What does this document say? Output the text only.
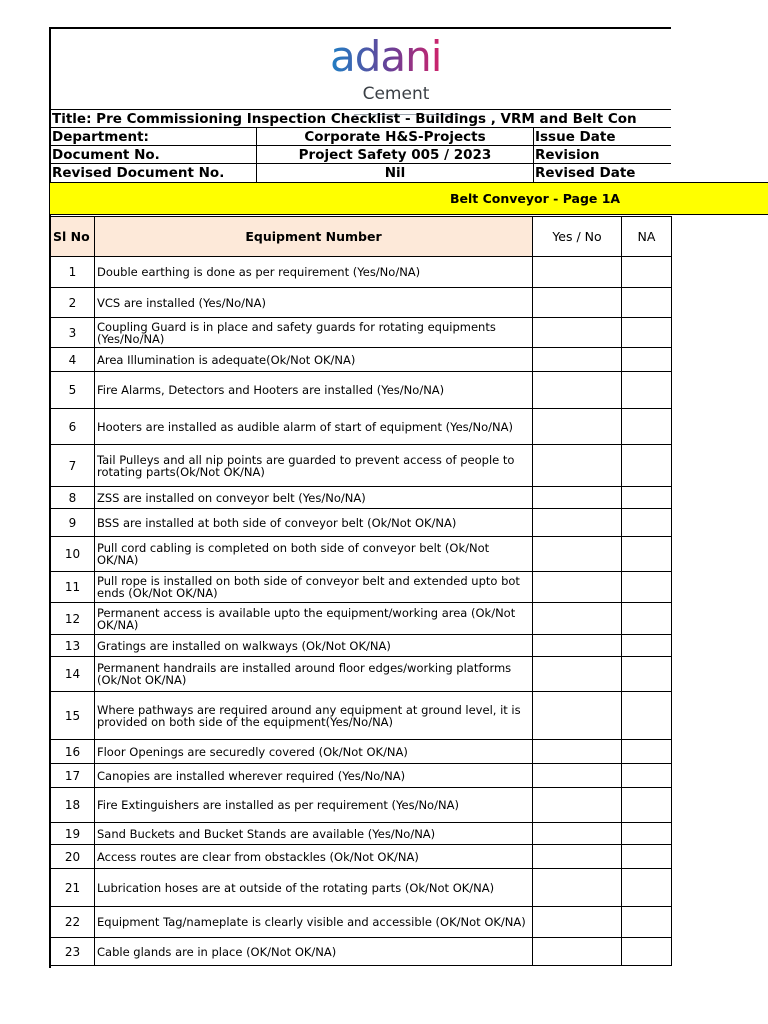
adani
Cement
Title: Pre Commissioning Inspection Checklist - Buildings , VRM and Belt Con
Department:	Corporate H&S-Projects	Issue Date
Document No.	Project Safety 005 / 2023	Revision
Revised Document No.	Nil	Revised Date
Belt Conveyor - Page 1A
Sl No	Equipment Number	Yes / No	NA
1	Double earthing is done as per requirement (Yes/No/NA)		
2	VCS are installed (Yes/No/NA)		
3	Coupling Guard is in place and safety guards for rotating equipments (Yes/No/NA)		
4	Area Illumination is adequate(Ok/Not OK/NA)		
5	Fire Alarms, Detectors and Hooters are installed (Yes/No/NA)		
6	Hooters are installed as audible alarm of start of equipment (Yes/No/NA)		
7	Tail Pulleys and all nip points are guarded to prevent access of people to rotating parts(Ok/Not OK/NA)		
8	ZSS are installed on conveyor belt (Yes/No/NA)		
9	BSS are installed at both side of conveyor belt (Ok/Not OK/NA)		
10	Pull cord cabling is completed on both side of conveyor belt (Ok/Not OK/NA)		
11	Pull rope is installed on both side of conveyor belt and extended upto bot ends (Ok/Not OK/NA)		
12	Permanent access is available upto the equipment/working area (Ok/Not OK/NA)		
13	Gratings are installed on walkways (Ok/Not OK/NA)		
14	Permanent handrails are installed around floor edges/working platforms (Ok/Not OK/NA)		
15	Where pathways are required around any equipment at ground level, it is provided on both side of the equipment(Yes/No/NA)		
16	Floor Openings are securedly covered (Ok/Not OK/NA)		
17	Canopies are installed wherever required (Yes/No/NA)		
18	Fire Extinguishers are installed as per requirement (Yes/No/NA)		
19	Sand Buckets and Bucket Stands are available (Yes/No/NA)		
20	Access routes are clear from obstackles (Ok/Not OK/NA)		
21	Lubrication hoses are at outside of the rotating parts (Ok/Not OK/NA)		
22	Equipment Tag/nameplate is clearly visible and accessible (OK/Not OK/NA)		
23	Cable glands are in place (OK/Not OK/NA)		
